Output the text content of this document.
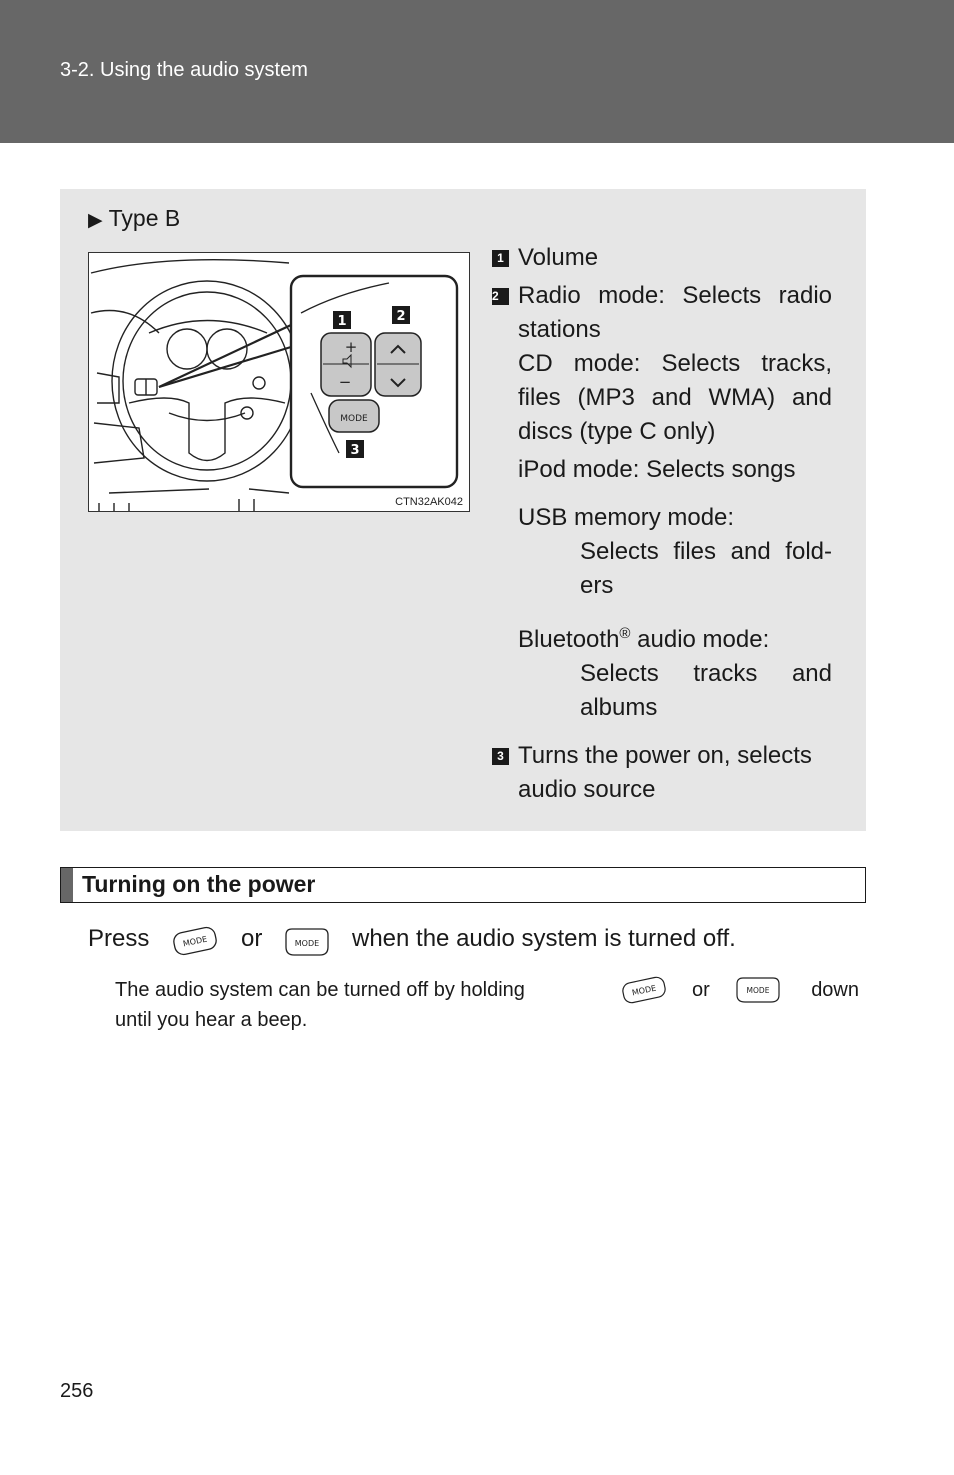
3-2. Using the audio system
▶ Type B
+
−
MODE
1	2
3
CTN32AK042
1 Volume
2 Radio mode: Selects radio stations
CD mode: Selects tracks, files (MP3 and WMA) and discs (type C only)
iPod mode: Selects songs
USB memory mode:
Selects files and fold-ers
Bluetooth® audio mode:
Selects tracks and albums
3 Turns the power on, selects audio source
Turning on the power
Press	MODE or	MODE when the audio system is turned off.
The audio system can be turned off by holding	MODE or	MODE down
until you hear a beep.
256
